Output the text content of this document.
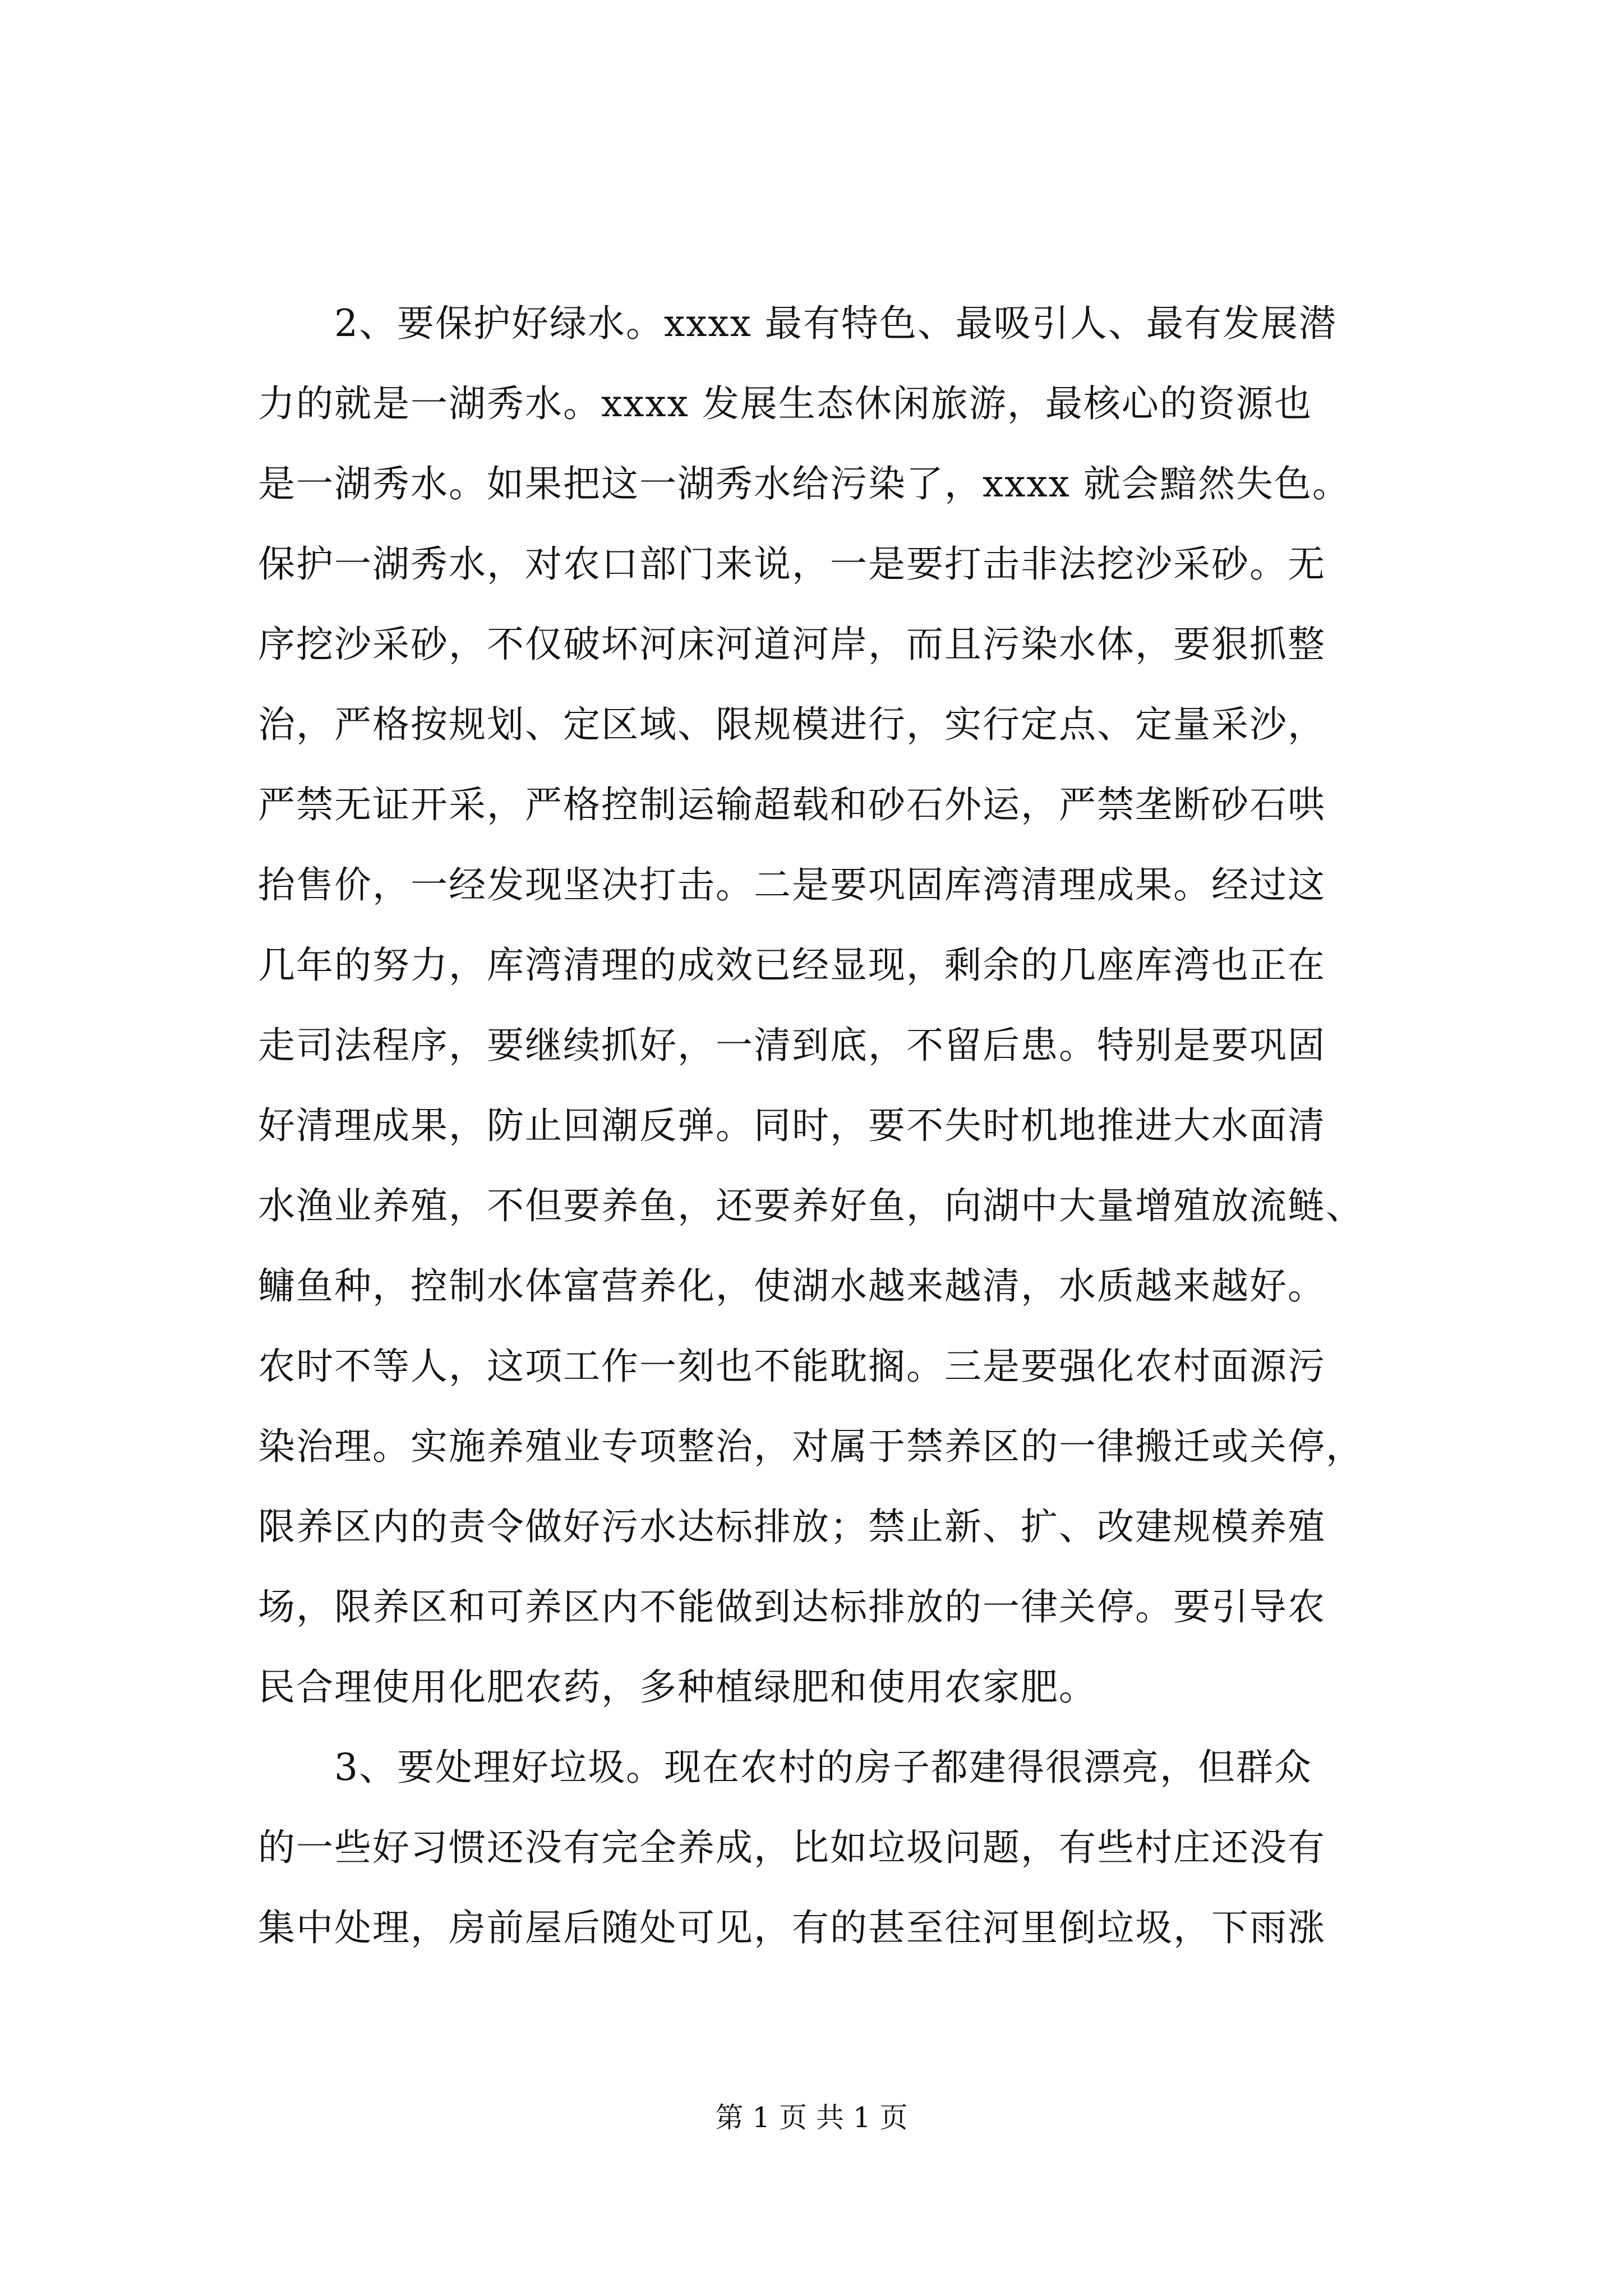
　　2、要保护好绿水。xxxx 最有特色、最吸引人、最有发展潜
力的就是一湖秀水。xxxx 发展生态休闲旅游，最核心的资源也
是一湖秀水。如果把这一湖秀水给污染了，xxxx 就会黯然失色。
保护一湖秀水，对农口部门来说，一是要打击非法挖沙采砂。无
序挖沙采砂，不仅破坏河床河道河岸，而且污染水体，要狠抓整
治，严格按规划、定区域、限规模进行，实行定点、定量采沙，
严禁无证开采，严格控制运输超载和砂石外运，严禁垄断砂石哄
抬售价，一经发现坚决打击。二是要巩固库湾清理成果。经过这
几年的努力，库湾清理的成效已经显现，剩余的几座库湾也正在
走司法程序，要继续抓好，一清到底，不留后患。特别是要巩固
好清理成果，防止回潮反弹。同时，要不失时机地推进大水面清
水渔业养殖，不但要养鱼，还要养好鱼，向湖中大量增殖放流鲢、
鳙鱼种，控制水体富营养化，使湖水越来越清，水质越来越好。
农时不等人，这项工作一刻也不能耽搁。三是要强化农村面源污
染治理。实施养殖业专项整治，对属于禁养区的一律搬迁或关停，
限养区内的责令做好污水达标排放；禁止新、扩、改建规模养殖
场，限养区和可养区内不能做到达标排放的一律关停。要引导农
民合理使用化肥农药，多种植绿肥和使用农家肥。
　　3、要处理好垃圾。现在农村的房子都建得很漂亮，但群众
的一些好习惯还没有完全养成，比如垃圾问题，有些村庄还没有
集中处理，房前屋后随处可见，有的甚至往河里倒垃圾，下雨涨
第 1 页 共 1 页
